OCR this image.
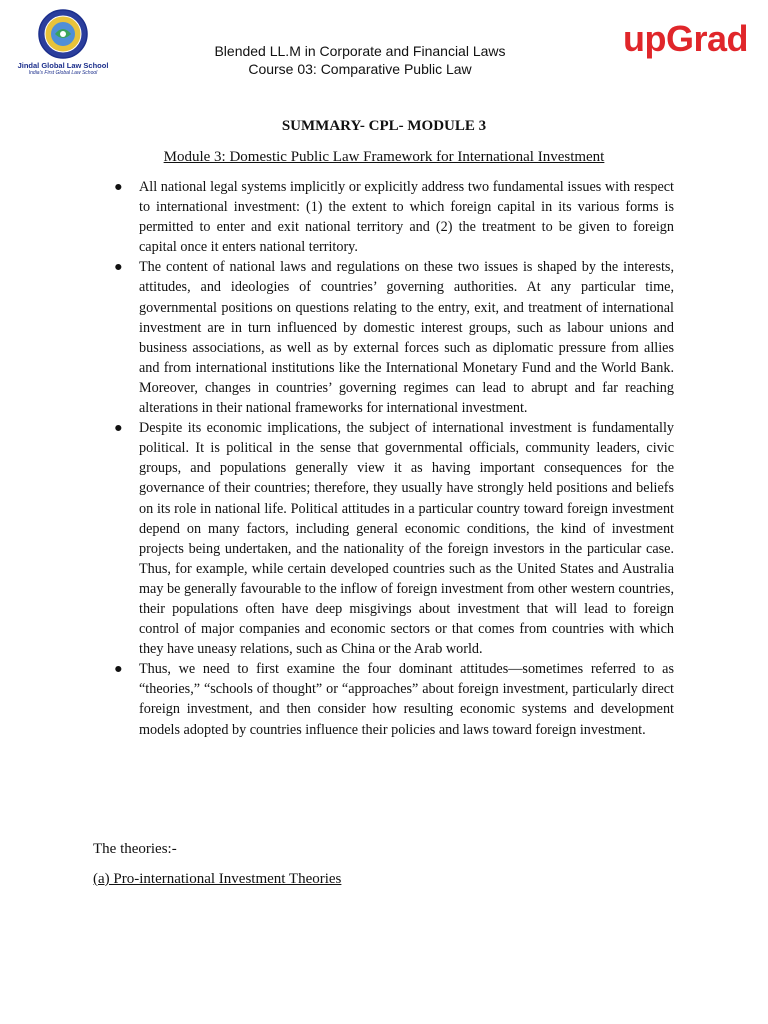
Jindal Global Law School
India's First Global Law School
Blended LL.M in Corporate and Financial Laws
Course 03: Comparative Public Law
upGrad
SUMMARY- CPL- MODULE 3
Module 3: Domestic Public Law Framework for International Investment
● All national legal systems implicitly or explicitly address two fundamental issues with respect to international investment: (1) the extent to which foreign capital in its various forms is permitted to enter and exit national territory and (2) the treatment to be given to foreign capital once it enters national territory.
● The content of national laws and regulations on these two issues is shaped by the interests, attitudes, and ideologies of countries’ governing authorities. At any particular time, governmental positions on questions relating to the entry, exit, and treatment of international investment are in turn influenced by domestic interest groups, such as labour unions and business associations, as well as by external forces such as diplomatic pressure from allies and from international institutions like the International Monetary Fund and the World Bank. Moreover, changes in countries’ governing regimes can lead to abrupt and far reaching alterations in their national frameworks for international investment.
● Despite its economic implications, the subject of international investment is fundamentally political. It is political in the sense that governmental officials, community leaders, civic groups, and populations generally view it as having important consequences for the governance of their countries; therefore, they usually have strongly held positions and beliefs on its role in national life. Political attitudes in a particular country toward foreign investment depend on many factors, including general economic conditions, the kind of investment projects being undertaken, and the nationality of the foreign investors in the particular case. Thus, for example, while certain developed countries such as the United States and Australia may be generally favourable to the inflow of foreign investment from other western countries, their populations often have deep misgivings about investment that will lead to foreign control of major companies and economic sectors or that comes from countries with which they have uneasy relations, such as China or the Arab world.
● Thus, we need to first examine the four dominant attitudes—sometimes referred to as “theories,” “schools of thought” or “approaches” about foreign investment, particularly direct foreign investment, and then consider how resulting economic systems and development models adopted by countries influence their policies and laws toward foreign investment.
The theories:-
(a) Pro-international Investment Theories
